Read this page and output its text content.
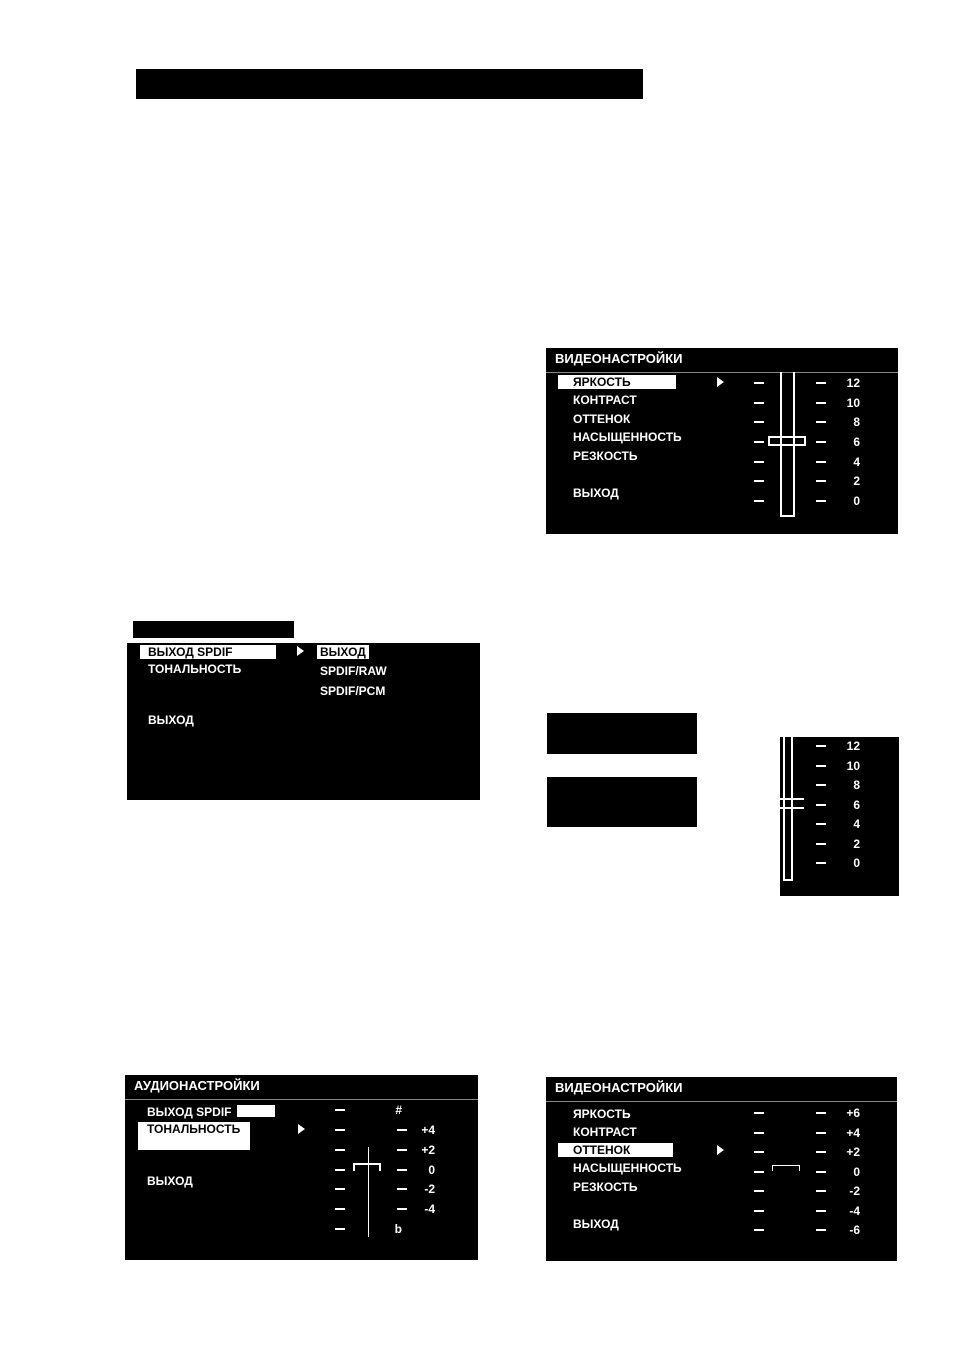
ВИДЕОНАСТРОЙКИ
ЯРКОСТЬ
КОНТРАСТ
ОТТЕНОК
НАСЫЩЕННОСТЬ
РЕЗКОСТЬ
ВЫХОД
12
10
8
6
4
2
0
12
10
8
6
4
2
0
ВЫХОД SPDIF
ТОНАЛЬНОСТЬ
ВЫХОД
ВЫХОД
SPDIF/RAW
SPDIF/PCM
АУДИОНАСТРОЙКИ
ВЫХОД SPDIF
ТОНАЛЬНОСТЬ
ВЫХОД
#
+4
+2
0
-2
-4
b
ВИДЕОНАСТРОЙКИ
ЯРКОСТЬ
КОНТРАСТ
ОТТЕНОК
НАСЫЩЕННОСТЬ
РЕЗКОСТЬ
ВЫХОД
+6
+4
+2
0
-2
-4
-6
